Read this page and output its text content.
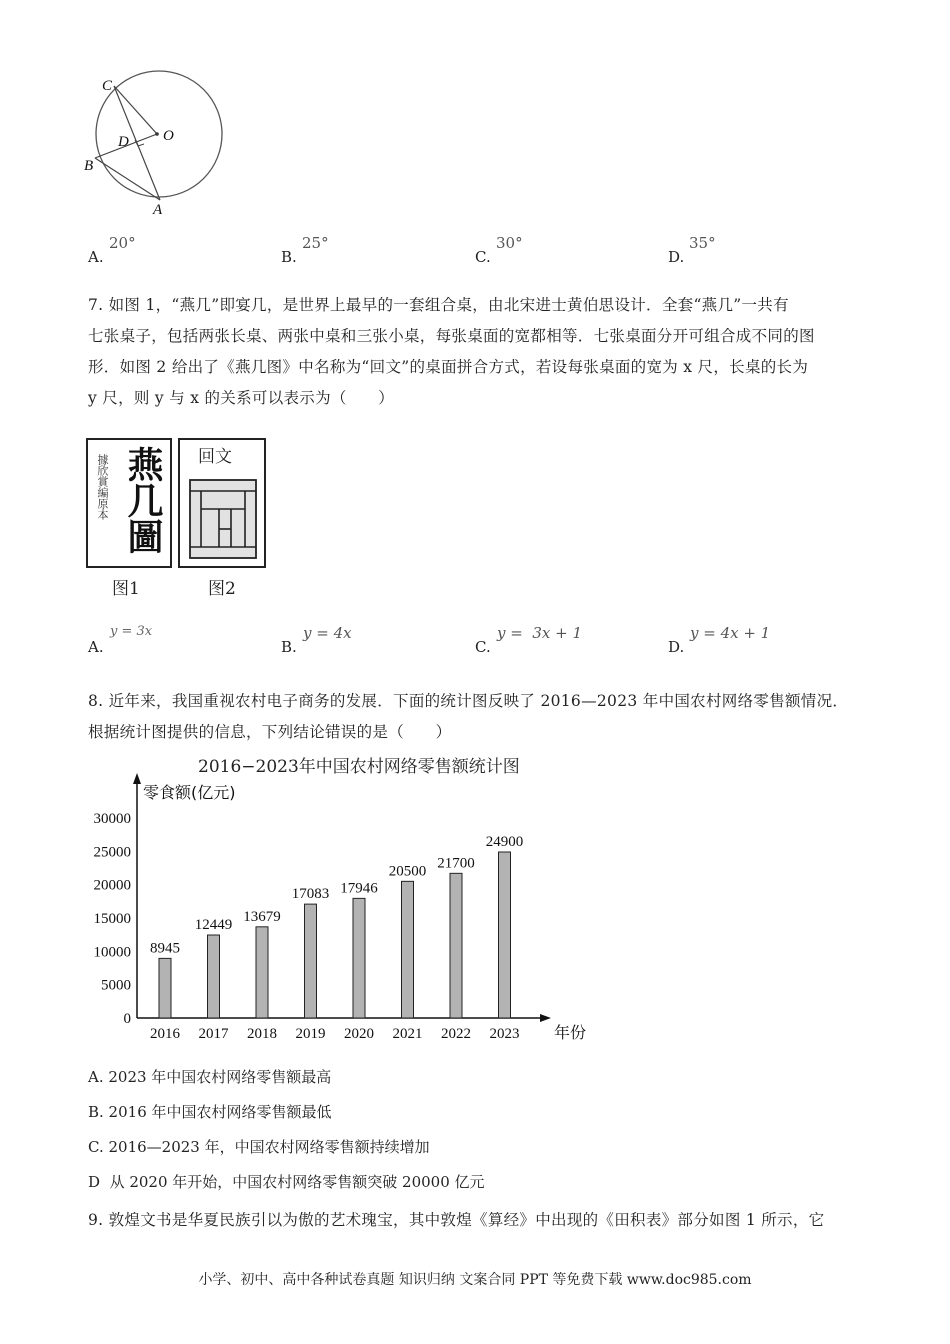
C
D O
B
A
A.
20°
B.
25°
C.
30°
D.
35°
7. 如图 1，“燕几”即宴几，是世界上最早的一套组合桌，由北宋进士黄伯思设计．全套“燕几”一共有
七张桌子，包括两张长桌、两张中桌和三张小桌，每张桌面的宽都相等．七张桌面分开可组合成不同的图
形．如图 2 给出了《燕几图》中名称为“回文”的桌面拼合方式，若设每张桌面的宽为 x 尺，长桌的长为
y 尺，则 y 与 x 的关系可以表示为（　　）
據欣賞編原本 燕几圖
图1
回文
图2
A.
y = 3x
B.
y = 4x
C.
y =  3x + 1
D.
y = 4x + 1
8. 近年来，我国重视农村电子商务的发展．下面的统计图反映了 2016—2023 年中国农村网络零售额情况．
根据统计图提供的信息，下列结论错误的是（　　）
2016−2023年中国农村网络零售额统计图
0
5000
10000
15000
20000
25000
30000
8945
12449
13679
17083 17946
20500 21700
24900
2016 2017 2018 2019 2020 2021 2022 2023
零食额(亿元)
年份
A. 2023 年中国农村网络零售额最高
B. 2016 年中国农村网络零售额最低
C. 2016—2023 年，中国农村网络零售额持续增加
D  从 2020 年开始，中国农村网络零售额突破 20000 亿元
9. 敦煌文书是华夏民族引以为傲的艺术瑰宝，其中敦煌《算经》中出现的《田积表》部分如图 1 所示，它
小学、初中、高中各种试卷真题 知识归纳 文案合同 PPT 等免费下载 www.doc985.com
